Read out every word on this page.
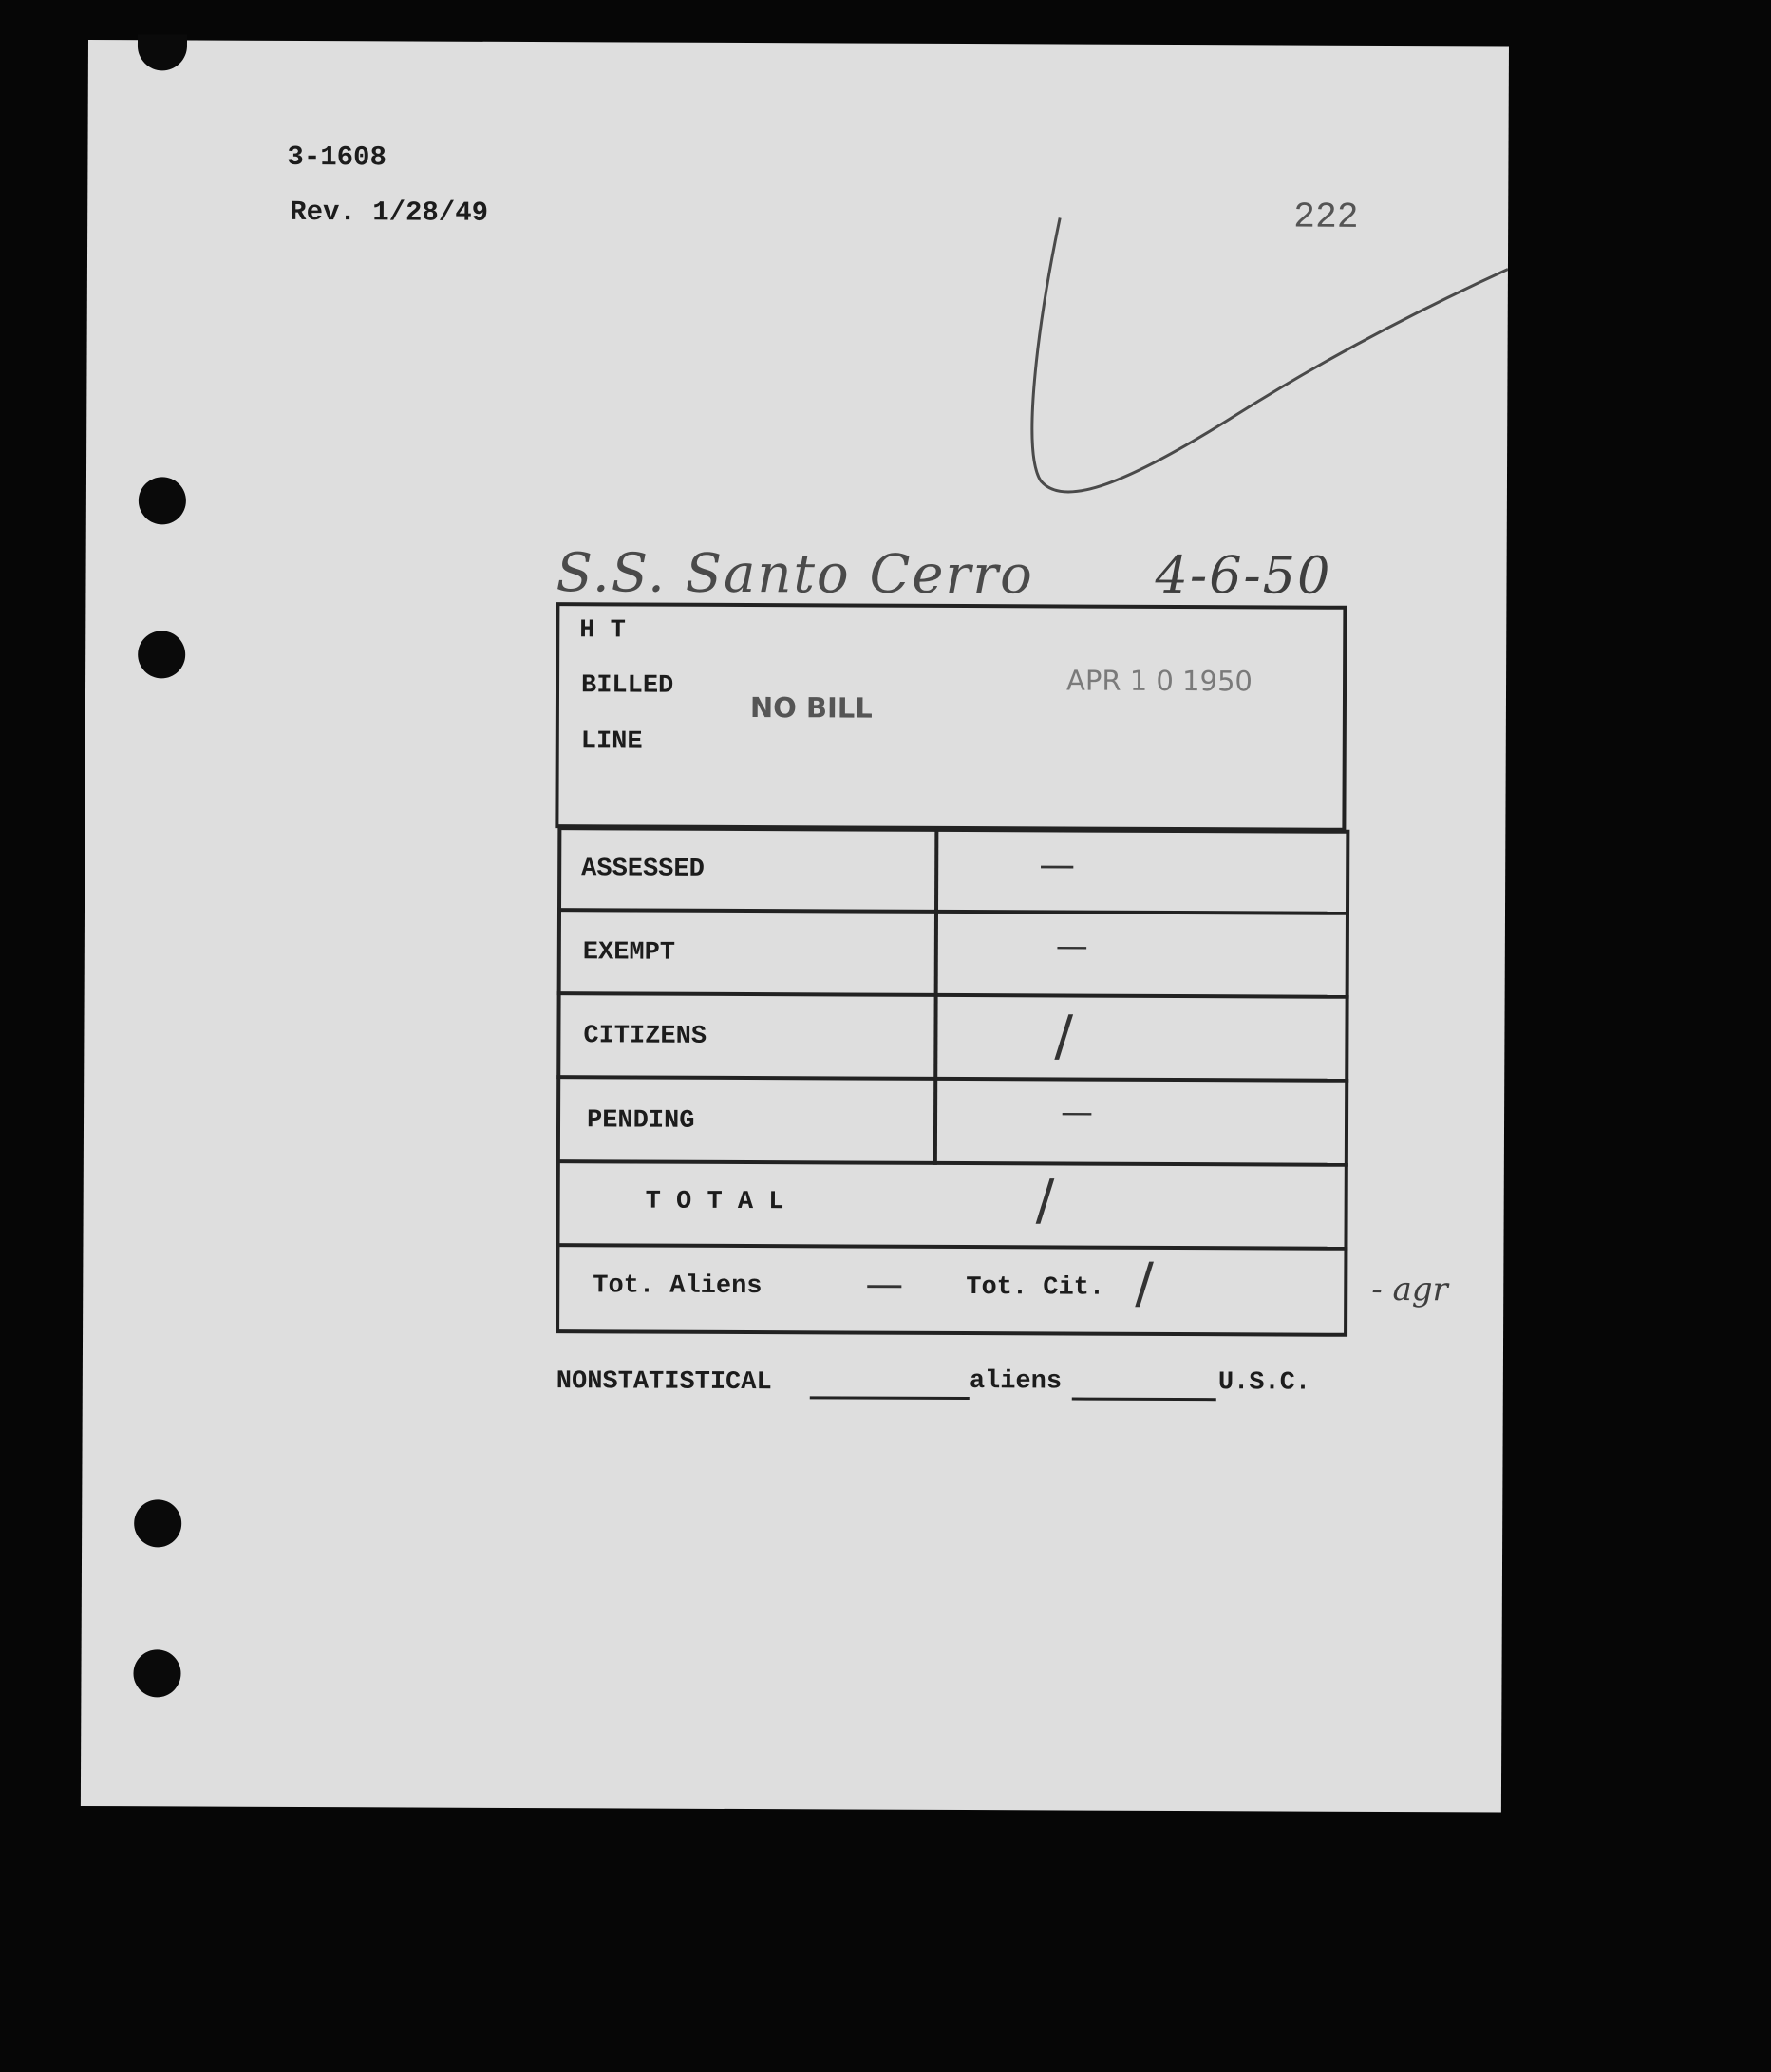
3-1608
Rev. 1/28/49	222
S.S. Santo Cerro 4-6-50
H T
BILLED
LINE
NO BILL
APR 1 0 1950
ASSESSED	—
EXEMPT	—
CITIZENS	/
PENDING	—
T O T A L	/
Tot. Aliens	— Tot. Cit. /	- agr
NONSTATISTICAL	aliens	U.S.C.
